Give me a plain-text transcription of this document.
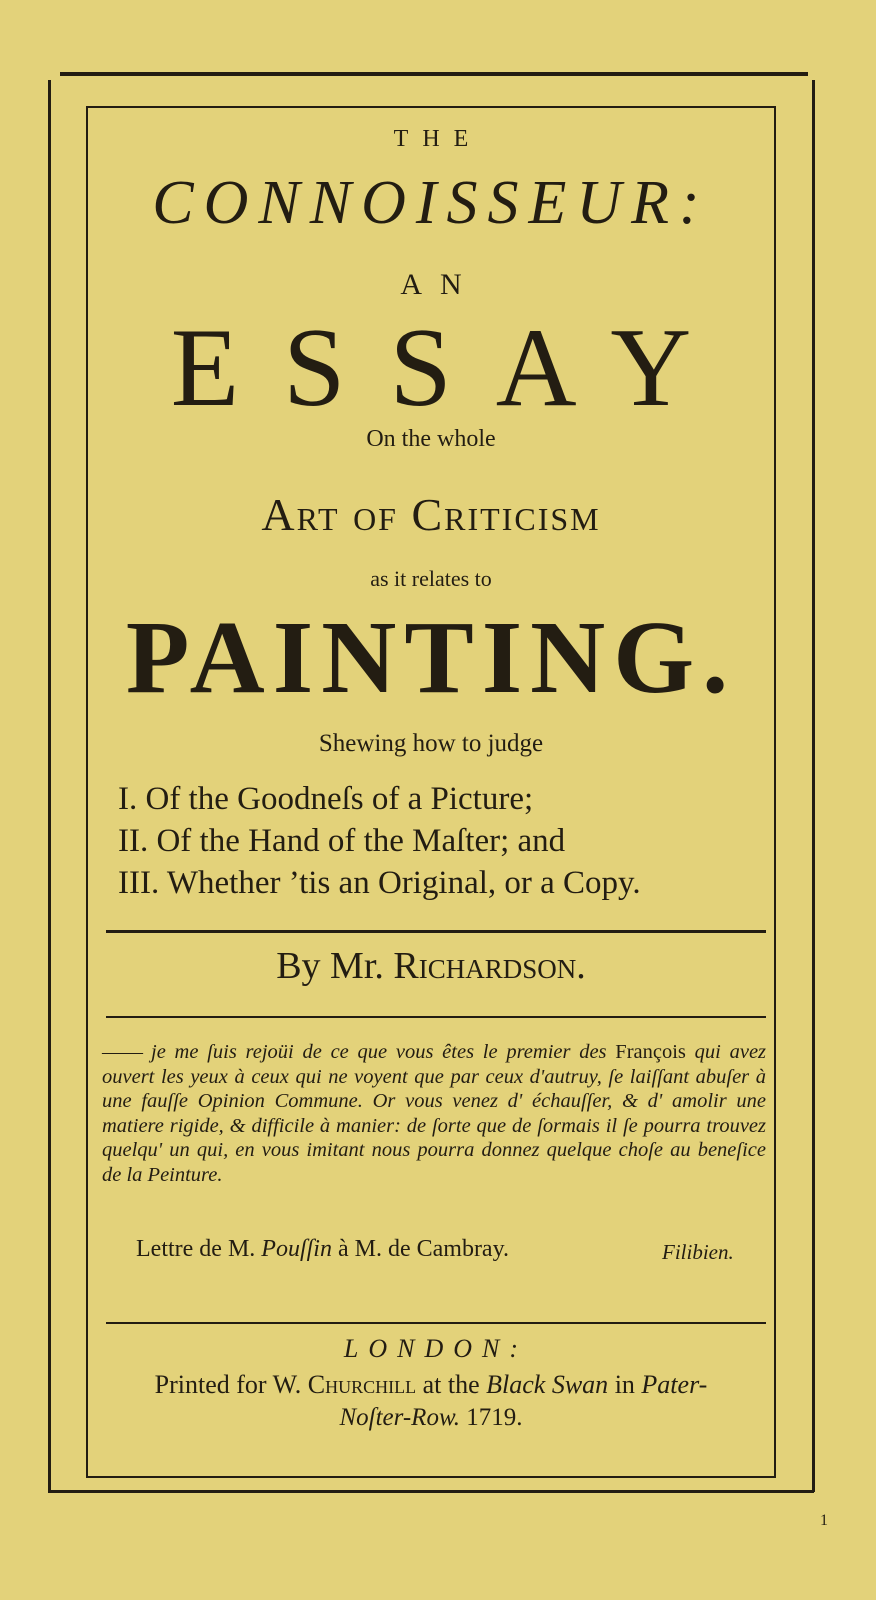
THE
CONNOISSEUR:
AN
ESSAY
On the whole
Art of Criticism
as it relates to
PAINTING.
Shewing how to judge
I. Of the Goodneſs of a Picture;
II. Of the Hand of the Maſter; and
III. Whether ’tis an Original, or a Copy.
By Mr. Richardson.
—— je me ſuis rejoüi de ce que vous êtes le premier des François qui avez ouvert les yeux à ceux qui ne voyent que par ceux d'autruy, ſe laiſſant abuſer à une fauſſe Opinion Commune. Or vous venez d' échauſſer, & d' amolir une matiere rigide, & difficile à manier: de ſorte que de ſormais il ſe pourra trouvez quelqu' un qui, en vous imitant nous pourra donnez quelque choſe au beneſice de la Peinture.
Lettre de M. Pouſſin à M. de Cambray.	Filibien.
LONDON:
Printed for W. Churchill at the Black Swan in Pater-
Noſter-Row. 1719.
1
